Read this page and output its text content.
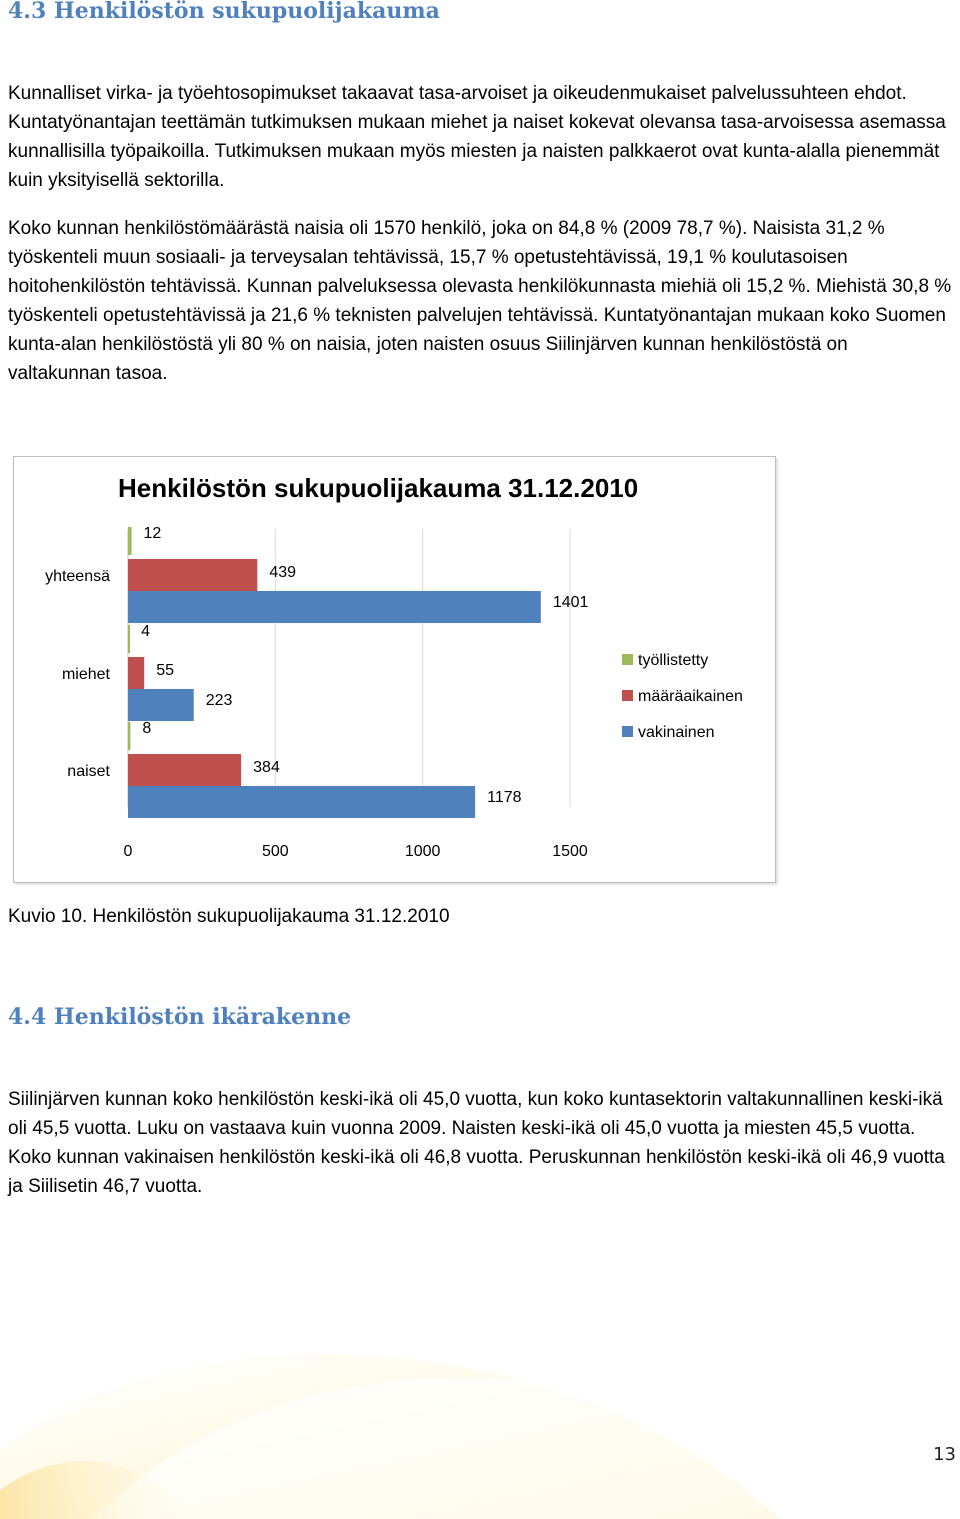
4.3 Henkilöstön sukupuolijakauma

Kunnalliset virka- ja työehtosopimukset takaavat tasa-arvoiset ja oikeudenmukaiset palvelussuhteen ehdot. Kuntatyönantajan teettämän tutkimuksen mukaan miehet ja naiset kokevat olevansa tasa-arvoisessa asemassa kunnallisilla työpaikoilla. Tutkimuksen mukaan myös miesten ja naisten palkkaerot ovat kunta-alalla pienemmät kuin yksityisellä sektorilla.

Koko kunnan henkilöstömäärästä naisia oli 1570 henkilö, joka on 84,8 % (2009 78,7 %). Naisista 31,2 % työskenteli muun sosiaali- ja terveysalan tehtävissä, 15,7 % opetustehtävissä, 19,1 % koulutasoisen hoitohenkilöstön tehtävissä. Kunnan palveluksessa olevasta henkilökunnasta miehiä oli 15,2 %. Miehistä 30,8 % työskenteli opetustehtävissä ja 21,6 % teknisten palvelujen tehtävissä. Kuntatyönantajan mukaan koko Suomen kunta-alan henkilöstöstä yli 80 % on naisia, joten naisten osuus Siilinjärven kunnan henkilöstöstä on valtakunnan tasoa.

0	500	1000	1500
yhteensä
12
439
1401
miehet
4
55
223
naiset
8
384
1178
työllistetty
määräaikainen
vakinainen
Henkilöstön sukupuolijakauma 31.12.2010

Kuvio 10. Henkilöstön sukupuolijakauma 31.12.2010

4.4 Henkilöstön ikärakenne

Siilinjärven kunnan koko henkilöstön keski-ikä oli 45,0 vuotta, kun koko kuntasektorin valtakunnallinen keski-ikä oli 45,5 vuotta. Luku on vastaava kuin vuonna 2009. Naisten keski-ikä oli 45,0 vuotta ja miesten 45,5 vuotta. Koko kunnan vakinaisen henkilöstön keski-ikä oli 46,8 vuotta. Peruskunnan henkilöstön keski-ikä oli 46,9 vuotta ja Siilisetin 46,7 vuotta.

13
